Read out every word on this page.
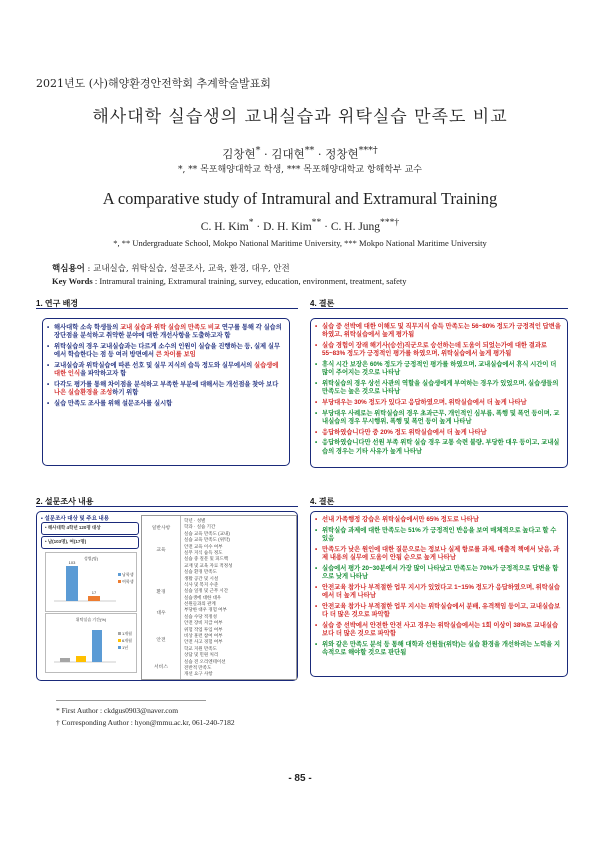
2021년도 (사)해양환경안전학회 추계학술발표회
해사대학 실습생의 교내실습과 위탁실습 만족도 비교
김창현* · 김대현** · 정창현***†
*, ** 목포해양대학교 학생, *** 목포해양대학교 항해학부 교수
A comparative study of Intramural and Extramural Training
C. H. Kim* · D. H. Kim** · C. H. Jung***†
*, ** Undergraduate School, Mokpo National Maritime University, *** Mokpo National Maritime University
핵심용어 : 교내실습, 위탁실습, 설문조사, 교육, 환경, 대우, 안전
Key Words : Intramural training, Extramural training, survey, education, environment, treatment, safety
1. 연구 배경
• 해사대학 소속 학생들의 교내 실습과 위탁 실습의 만족도 비교 연구를 통해 각 실습의 장단점을 분석하고 취약한 분야에 대한 개선사항을 도출하고자 함
• 위탁실습의 경우 교내실습과는 다르게 소수의 인원이 실습을 진행하는 등, 실제 실무에서 학습한다는 점 등 여러 방면에서 큰 차이를 보임
• 교내실습과 위탁실습에 따른 선호 및 실무 지식의 습득 정도와 실무에서의 실습생에 대한 인식을 파악하고자 함
• 다각도 평가를 통해 차이점을 분석하고 부족한 부분에 대해서는 개선점을 찾아 보다 나은 실습환경을 조성하기 위함
• 실습 만족도 조사를 위해 설문조사를 실시함
4. 결론
• 실습 중 선박에 대한 이해도 및 직무지식 습득 만족도는 56~80% 정도가 긍정적인 답변을 하였고, 위탁실습에서 높게 평가됨
• 실습 경험이 장래 해기사(승선)직군으로 승선하는데 도움이 되었는가에 대한 결과로 55~83% 정도가 긍정적인 평가를 하였으며, 위탁실습에서 높게 평가됨
• 휴식 시간 보장은 60% 정도가 긍정적인 평가를 하였으며, 교내실습에서 휴식 시간이 더 많이 주어지는 것으로 나타남
• 위탁실습의 경우 상선 사관의 역할을 실습생에게 부여하는 경우가 있었으며, 실습생들의 만족도는 높은 것으로 나타남
• 부당대우는 30% 정도가 있다고 응답하였으며, 위탁실습에서 더 높게 나타남
• 부당대우 사례로는 위탁실습의 경우 초과근무, 개인적인 심부름, 폭행 및 폭언 등이며, 교내실습의 경우 무시행위, 폭행 및 폭언 등이 높게 나타남
• 응답하였습니다만 중 20% 정도 위탁실습에서 더 높게 나타남
• 응답하였습니다만 선원 부족 위탁 실습 경우 교통 숙련 불량, 부당한 대우 등이고, 교내실습의 경우는 기타 사유가 높게 나타남
2. 설문조사 내용
▪ 설문조사 대상 및 주요 내용
• 해사대학 4학년 120명 대상
• 남(103명), 여(17명)
성별(명)
103
17
남학생
여학생
위탁실습 기간(%)
1개월
6개월
1년
일반사항
교육
환경
대우
안전
서비스
학년 · 성별
학과 · 실습 기간
실습 교육 만족도 (교내)
실습 교육 만족도 (위탁)
안전 교육 이수 여부
실무 지식 습득 정도
실습 중 질문 및 피드백
교재 및 교육 자료 적정성
실습 환경 만족도
생활 공간 및 시설
식사 및 복지 수준
실습 일정 및 근무 시간
실습생에 대한 대우
선원들과의 관계
부당한 대우 경험 여부
실습 수당 적정성
안전 장비 지급 여부
위험 작업 투입 여부
비상 훈련 참여 여부
안전 사고 경험 여부
학교 지원 만족도
상담 및 민원 처리
실습 전 오리엔테이션
전반적 만족도
개선 요구 사항
4. 결론
• 선내 가족행정 강습은 위탁실습에서만 65% 정도로 나타남
• 위탁실습 과제에 대한 만족도는 51% 가 긍정적인 반응을 보여 매체적으로 높다고 할 수 있음
• 만족도가 낮은 원인에 대한 질문으로는 정보나 실제 항로를 과제, 매출적 책에서 낮음, 과제 내용의 실무에 도움이 안됨 순으로 높게 나타남
• 실습에서 평가 20~30분에서 가장 많이 나타났고 만족도는 70%가 긍정적으로 답변을 함 으로 낮게 나타남
• 안전교육 참가나 부적절한 업무 지시가 있었다고 1~15% 정도가 응답하였으며, 위탁실습에서 더 높게 나타남
• 안전교육 참가나 부적절한 업무 지시는 위탁실습에서 분배, 유격책임 등이고, 교내실습보다 더 많은 것으로 파악함
• 실습 중 선박에서 안전한 안전 사고 경우는 위탁실습에서는 1회 이상이 38%로 교내실습보다 더 많은 것으로 파악함
• 위와 같은 만족도 분석 등 통해 대학과 선원들(위탁)는 실습 환경을 개선하려는 노력을 지속적으로 해야할 것으로 판단됨
* First Author : ckdgus0903@naver.com
† Corresponding Author : hyon@mmu.ac.kr, 061-240-7182
- 85 -
